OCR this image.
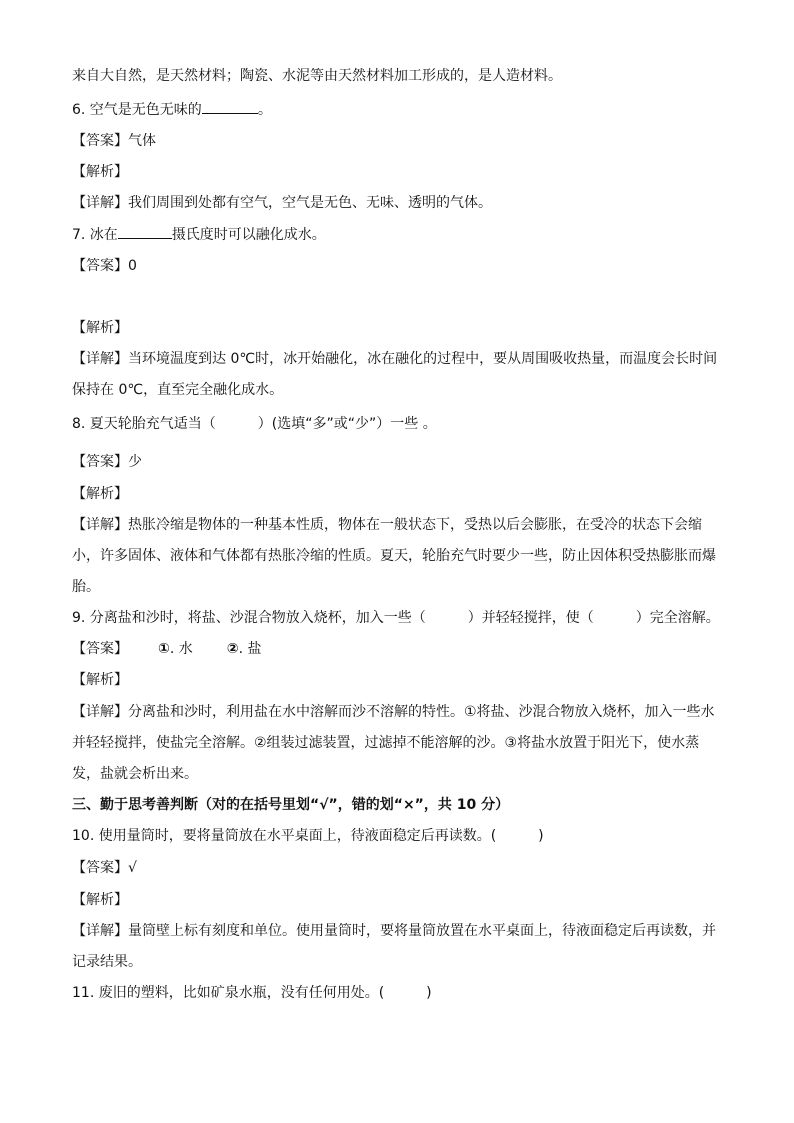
来自大自然，是天然材料；陶瓷、水泥等由天然材料加工形成的，是人造材料。
6. 空气是无色无味的	。
【答案】气体
【解析】
【详解】我们周围到处都有空气，空气是无色、无味、透明的气体。
7. 冰在	摄氏度时可以融化成水。
【答案】0
【解析】
【详解】当环境温度到达 0℃时，冰开始融化，冰在融化的过程中，要从周围吸收热量，而温度会长时间
保持在 0℃，直至完全融化成水。
8. 夏天轮胎充气适当（　　　）(选填“多”或“少”）一些 。
【答案】少
【解析】
【详解】热胀冷缩是物体的一种基本性质，物体在一般状态下，受热以后会膨胀，在受冷的状态下会缩
小，许多固体、液体和气体都有热胀冷缩的性质。夏天，轮胎充气时要少一些，防止因体积受热膨胀而爆
胎。
9. 分离盐和沙时，将盐、沙混合物放入烧杯，加入一些（　　　）并轻轻搅拌，使（　　　）完全溶解。
【答案】 ①. 水 ②. 盐
【解析】
【详解】分离盐和沙时，利用盐在水中溶解而沙不溶解的特性。①将盐、沙混合物放入烧杯，加入一些水
并轻轻搅拌，使盐完全溶解。②组装过滤装置，过滤掉不能溶解的沙。③将盐水放置于阳光下，使水蒸
发，盐就会析出来。
三、勤于思考善判断（对的在括号里划“√”，错的划“×”，共 10 分）
10. 使用量筒时，要将量筒放在水平桌面上，待液面稳定后再读数。(　　　)
【答案】√
【解析】
【详解】量筒壁上标有刻度和单位。使用量筒时，要将量筒放置在水平桌面上，待液面稳定后再读数，并
记录结果。
11. 废旧的塑料，比如矿泉水瓶，没有任何用处。(　　　)
